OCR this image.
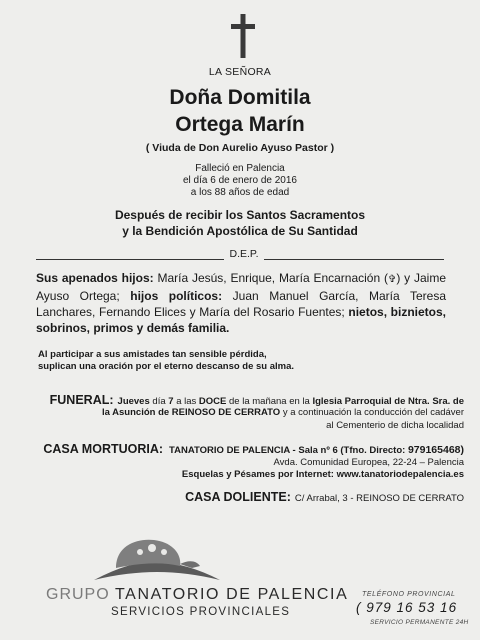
LA SEÑORA
Doña Domitila
Ortega Marín
( Viuda de Don Aurelio Ayuso Pastor )
Falleció en Palencia
el día 6 de enero de 2016
a los 88 años de edad
Después de recibir los Santos Sacramentos
y la Bendición Apostólica de Su Santidad
D.E.P.
Sus apenados hijos: María Jesús, Enrique, María Encarnación (✞) y Jaime Ayuso Ortega; hijos políticos: Juan Manuel García, María Teresa Lanchares, Fernando Elices y María del Rosario Fuentes; nietos, biznietos, sobrinos, primos y demás familia.
Al participar a sus amistades tan sensible pérdida,
suplican una oración por el eterno descanso de su alma.
FUNERAL: Jueves día 7 a las DOCE de la mañana en la Iglesia Parroquial de Ntra. Sra. de
la Asunción de REINOSO DE CERRATO y a continuación la conducción del cadáver
al Cementerio de dicha localidad
CASA MORTUORIA: TANATORIO DE PALENCIA - Sala nº 6 (Tfno. Directo: 979165468)
Avda. Comunidad Europea, 22-24 – Palencia
Esquelas y Pésames por Internet: www.tanatoriodepalencia.es
CASA DOLIENTE: C/ Arrabal, 3 - REINOSO DE CERRATO
GRUPO TANATORIO DE PALENCIA
SERVICIOS PROVINCIALES
TELÉFONO PROVINCIAL
( 979 16 53 16
SERVICIO PERMANENTE 24H
